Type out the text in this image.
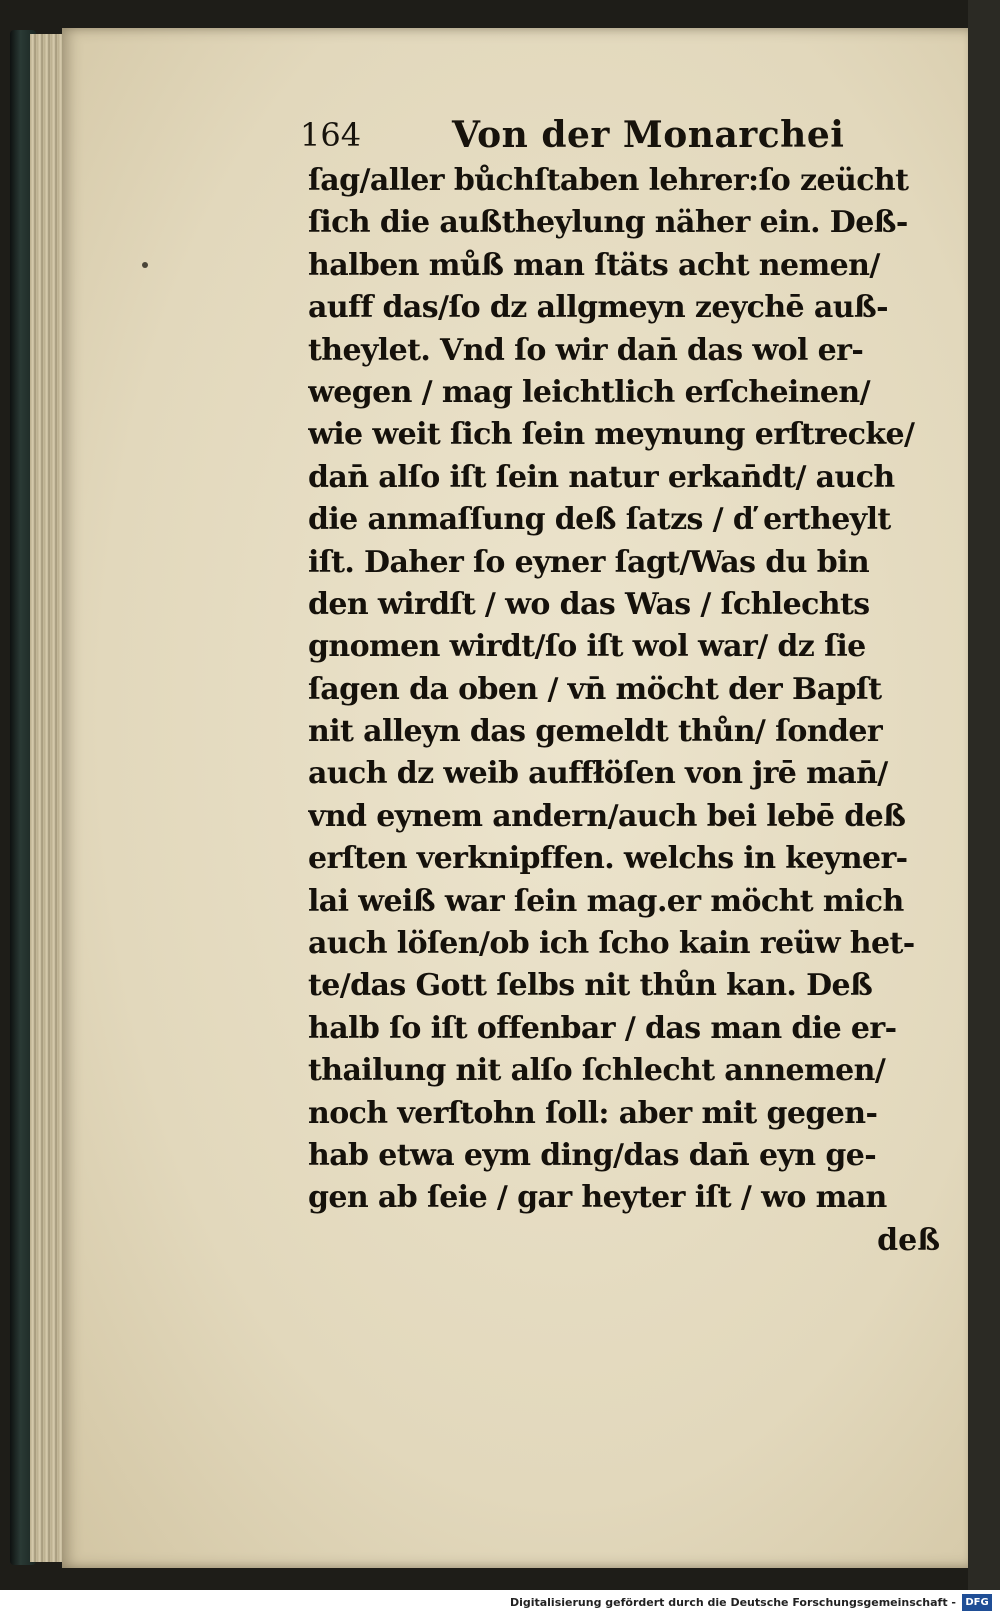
164	Von der Monarchei
ſag/aller bůchſtaben lehrer:ſo zeücht
ſich die außtheylung näher ein. Deß-
halben můß man ſtäts acht nemen/
auff das/ſo dz allgmeyn zeychē auß-
theylet. Vnd ſo wir dan̄ das wol er-
wegen / mag leichtlich erſcheinen/
wie weit ſich ſein meynung erſtrecke/
dan̄ alſo iſt ſein natur erkan̄dt/ auch
die anmaſſung deß ſatzs / ď ertheylt
iſt. Daher ſo eyner ſagt/Was du bin
den wirdſt / wo das Was / ſchlechts
gnomen wirdt/ſo iſt wol war/ dz ſie
ſagen da oben / vn̄ möcht der Bapſt
nit alleyn das gemeldt thůn/ ſonder
auch dz weib auffłöſen von jrē man̄/
vnd eynem andern/auch bei lebē deß
erſten verknipffen. welchs in keyner-
lai weiß war ſein mag.er möcht mich
auch löſen/ob ich ſcho kain reüw het-
te/das Gott ſelbs nit thůn kan. Deß
halb ſo iſt offenbar / das man die er-
thailung nit alſo ſchlecht annemen/
noch verſtohn ſoll: aber mit gegen-
hab etwa eym ding/das dan̄ eyn ge-
gen ab ſeie / gar heyter iſt / wo man
deß
Digitalisierung gefördert durch die Deutsche Forschungsgemeinschaft - DFG
